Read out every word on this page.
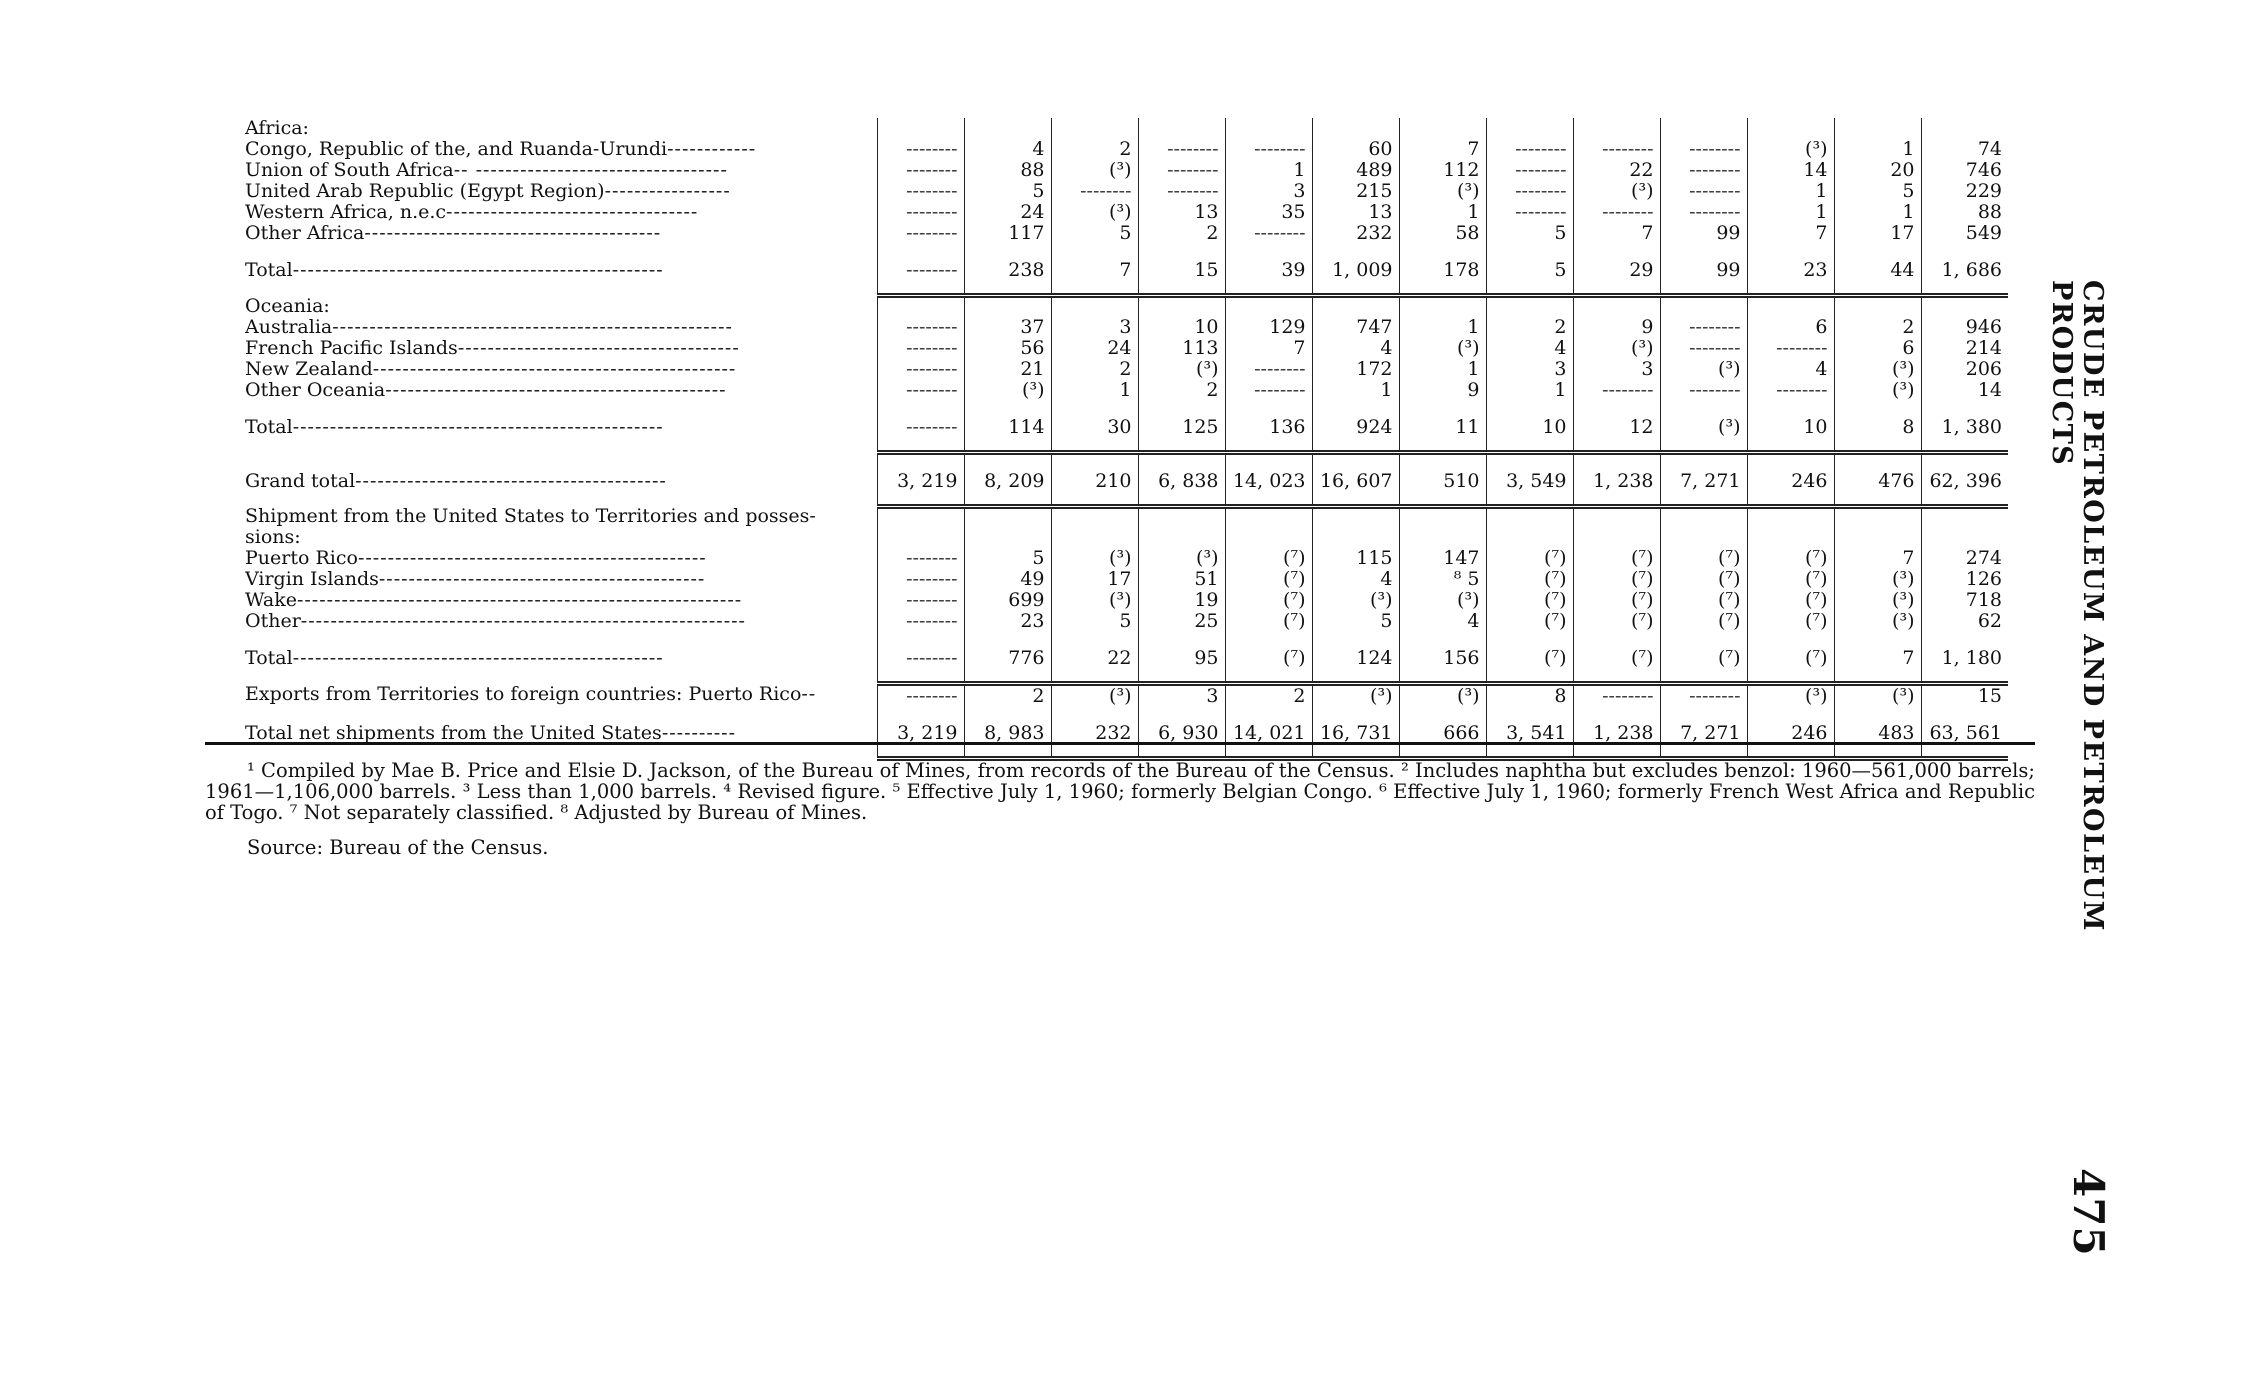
Africa:													
Congo, Republic of the, and Ruanda-Urundi------------	--------	4	2	--------	--------	60	7	--------	--------	--------	(³)	1	74
Union of South Africa-- ----------------------------------	--------	88	(³)	--------	1	489	112	--------	22	--------	14	20	746
United Arab Republic (Egypt Region)-----------------	--------	5	--------	--------	3	215	(³)	--------	(³)	--------	1	5	229
Western Africa, n.e.c----------------------------------	--------	24	(³)	13	35	13	1	--------	--------	--------	1	1	88
Other Africa----------------------------------------	--------	117	5	2	--------	232	58	5	7	99	7	17	549

Total--------------------------------------------------	--------	238	7	15	39	1, 009	178	5	29	99	23	44	1, 686

Oceania:													
Australia------------------------------------------------------	--------	37	3	10	129	747	1	2	9	--------	6	2	946
French Pacific Islands--------------------------------------	--------	56	24	113	7	4	(³)	4	(³)	--------	--------	6	214
New Zealand-------------------------------------------------	--------	21	2	(³)	--------	172	1	3	3	(³)	4	(³)	206
Other Oceania----------------------------------------------	--------	(³)	1	2	--------	1	9	1	--------	--------	--------	(³)	14

Total--------------------------------------------------	--------	114	30	125	136	924	11	10	12	(³)	10	8	1, 380

Grand total------------------------------------------	3, 219	8, 209	210	6, 838	14, 023	16, 607	510	3, 549	1, 238	7, 271	246	476	62, 396

Shipment from the United States to Territories and posses-													
sions:													
Puerto Rico-----------------------------------------------	--------	5	(³)	(³)	(⁷)	115	147	(⁷)	(⁷)	(⁷)	(⁷)	7	274
Virgin Islands--------------------------------------------	--------	49	17	51	(⁷)	4	⁸ 5	(⁷)	(⁷)	(⁷)	(⁷)	(³)	126
Wake------------------------------------------------------------	--------	699	(³)	19	(⁷)	(³)	(³)	(⁷)	(⁷)	(⁷)	(⁷)	(³)	718
Other------------------------------------------------------------	--------	23	5	25	(⁷)	5	4	(⁷)	(⁷)	(⁷)	(⁷)	(³)	62

Total--------------------------------------------------	--------	776	22	95	(⁷)	124	156	(⁷)	(⁷)	(⁷)	(⁷)	7	1, 180

Exports from Territories to foreign countries: Puerto Rico--	--------	2	(³)	3	2	(³)	(³)	8	--------	--------	(³)	(³)	15

Total net shipments from the United States----------	3, 219	8, 983	232	6, 930	14, 021	16, 731	666	3, 541	1, 238	7, 271	246	483	63, 561

¹ Compiled by Mae B. Price and Elsie D. Jackson, of the Bureau of Mines, from records of the Bureau of the Census. ² Includes naphtha but excludes benzol: 1960—561,000 barrels; 1961—1,106,000 barrels. ³ Less than 1,000 barrels. ⁴ Revised figure. ⁵ Effective July 1, 1960; formerly Belgian Congo. ⁶ Effective July 1, 1960; formerly French West Africa and Republic of Togo. ⁷ Not separately classified. ⁸ Adjusted by Bureau of Mines.

Source: Bureau of the Census.	CRUDE PETROLEUM AND PETROLEUM PRODUCTS
475
